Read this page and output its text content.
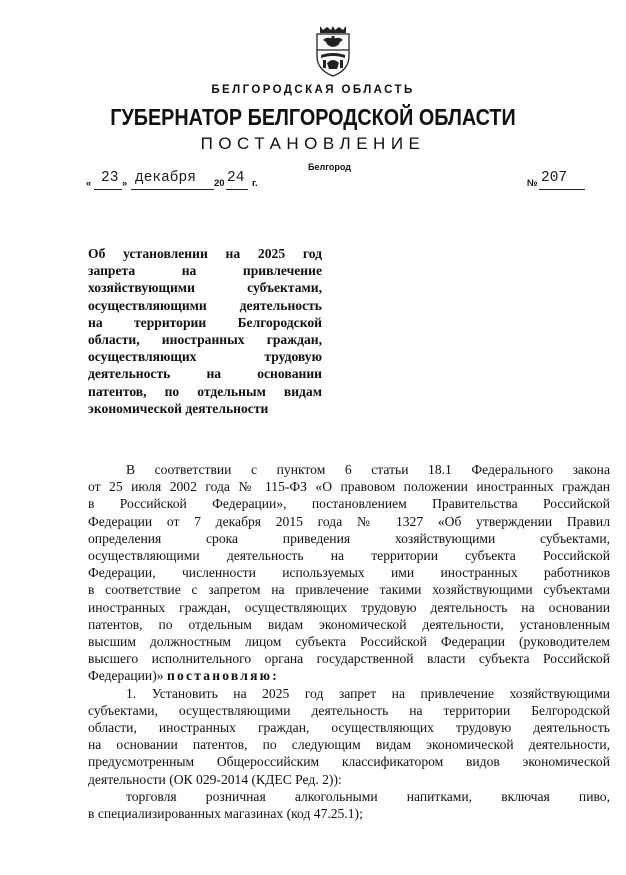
БЕЛГОРОДСКАЯ ОБЛАСТЬ
ГУБЕРНАТОР БЕЛГОРОДСКОЙ ОБЛАСТИ
ПОСТАНОВЛЕНИЕ
Белгород
« 23 » декабря 20 24 г.	№ 207
Об установлении на 2025 год
запрета на привлечение
хозяйствующими субъектами,
осуществляющими деятельность
на территории Белгородской
области, иностранных граждан,
осуществляющих трудовую
деятельность на основании
патентов, по отдельным видам
экономической деятельности
В соответствии с пунктом 6 статьи 18.1 Федерального закона
от 25 июля 2002 года № 115-ФЗ «О правовом положении иностранных граждан
в Российской Федерации», постановлением Правительства Российской
Федерации от 7 декабря 2015 года № 1327 «Об утверждении Правил
определения срока приведения хозяйствующими субъектами,
осуществляющими деятельность на территории субъекта Российской
Федерации, численности используемых ими иностранных работников
в соответствие с запретом на привлечение такими хозяйствующими субъектами
иностранных граждан, осуществляющих трудовую деятельность на основании
патентов, по отдельным видам экономической деятельности, установленным
высшим должностным лицом субъекта Российской Федерации (руководителем
высшего исполнительного органа государственной власти субъекта Российской
Федерации)» постановляю:
1. Установить на 2025 год запрет на привлечение хозяйствующими
субъектами, осуществляющими деятельность на территории Белгородской
области, иностранных граждан, осуществляющих трудовую деятельность
на основании патентов, по следующим видам экономической деятельности,
предусмотренным Общероссийским классификатором видов экономической
деятельности (ОК 029-2014 (КДЕС Ред. 2)):
торговля розничная алкогольными напитками, включая пиво,
в специализированных магазинах (код 47.25.1);
